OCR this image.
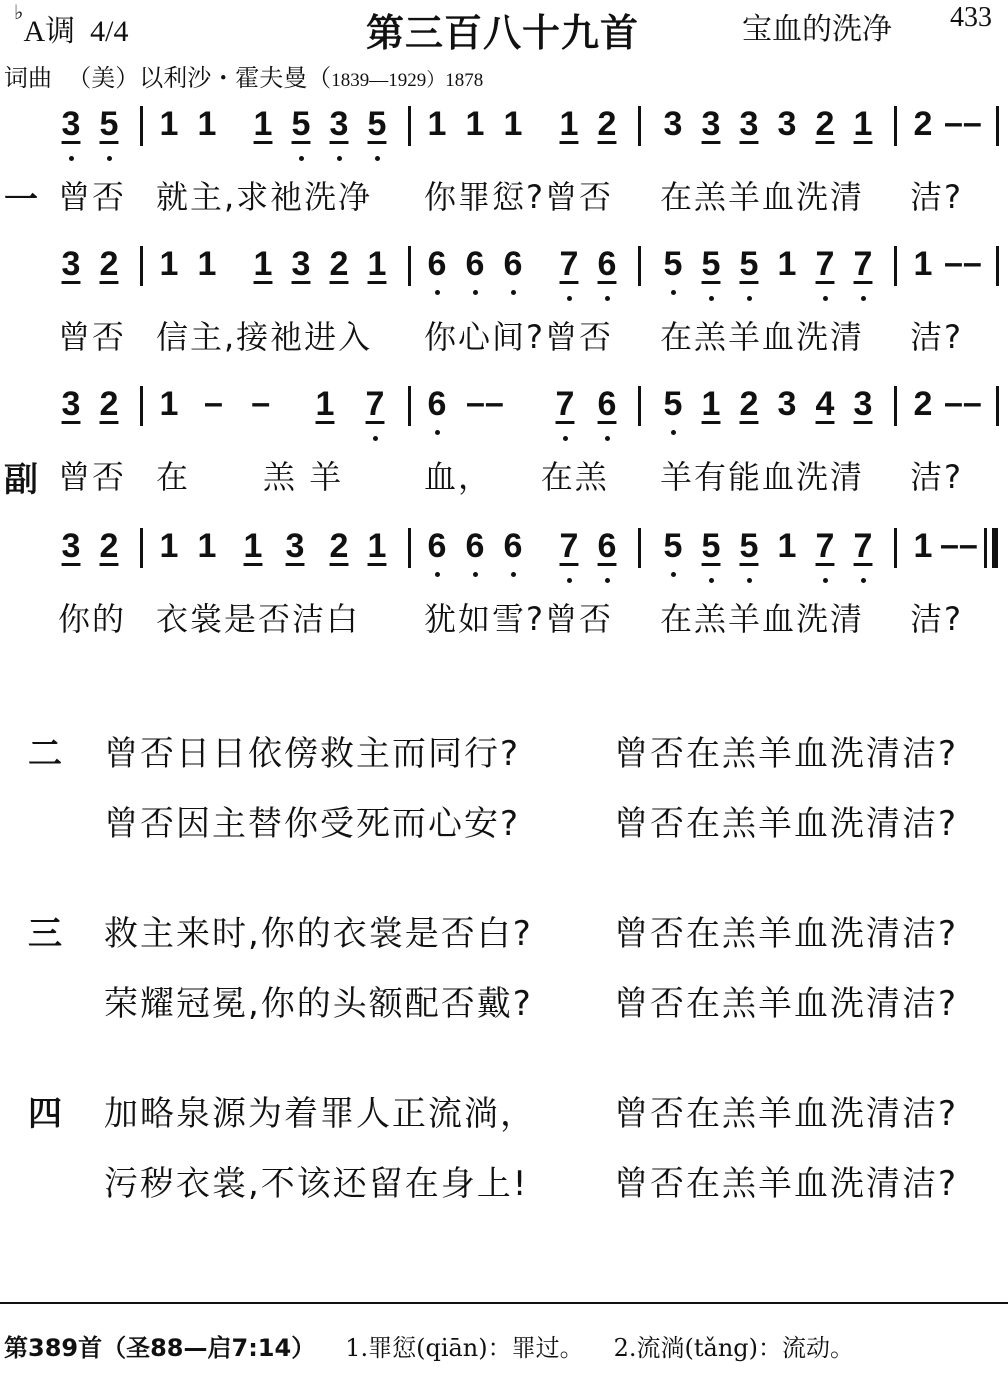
♭A调 4/4	第三百八十九首	宝血的洗净 433
词曲 （美）以利沙・霍夫曼（1839—1929）1878
3 5 1 1 1 5 3 5 1 1 1 1 2 3 3 3 3 2 1 2 ––
一 曾否 就主,求祂洗净 你罪愆?曾否 在羔羊血洗清 洁?
3 2 1 1 1 3 2 1 6 6 6 7 6 5 5 5 1 7 7 1 ––
曾否 信主,接祂进入 你心间?曾否 在羔羊血洗清 洁?
3 2 1 –   – 1 7 6 –– 7 6 5 1 2 3 4 3 2 ––
副 曾否 在      羔 羊	血，    在羔 羊有能血洗清 洁?
3 2 1 1 1 3 2 1 6 6 6 7 6 5 5 5 1 7 7 1 ––
你的 衣裳是否洁白 犹如雪?曾否 在羔羊血洗清 洁?
二 曾否日日依傍救主而同行?	曾否在羔羊血洗清洁?
曾否因主替你受死而心安?	曾否在羔羊血洗清洁?
三 救主来时,你的衣裳是否白? 曾否在羔羊血洗清洁?
荣耀冠冕,你的头额配否戴? 曾否在羔羊血洗清洁?
四 加略泉源为着罪人正流淌， 曾否在羔羊血洗清洁?
污秽衣裳,不该还留在身上!	曾否在羔羊血洗清洁?
第389首（圣88—启7:14） 1.罪愆(qiān)：罪过。 2.流淌(tǎng)：流动。
